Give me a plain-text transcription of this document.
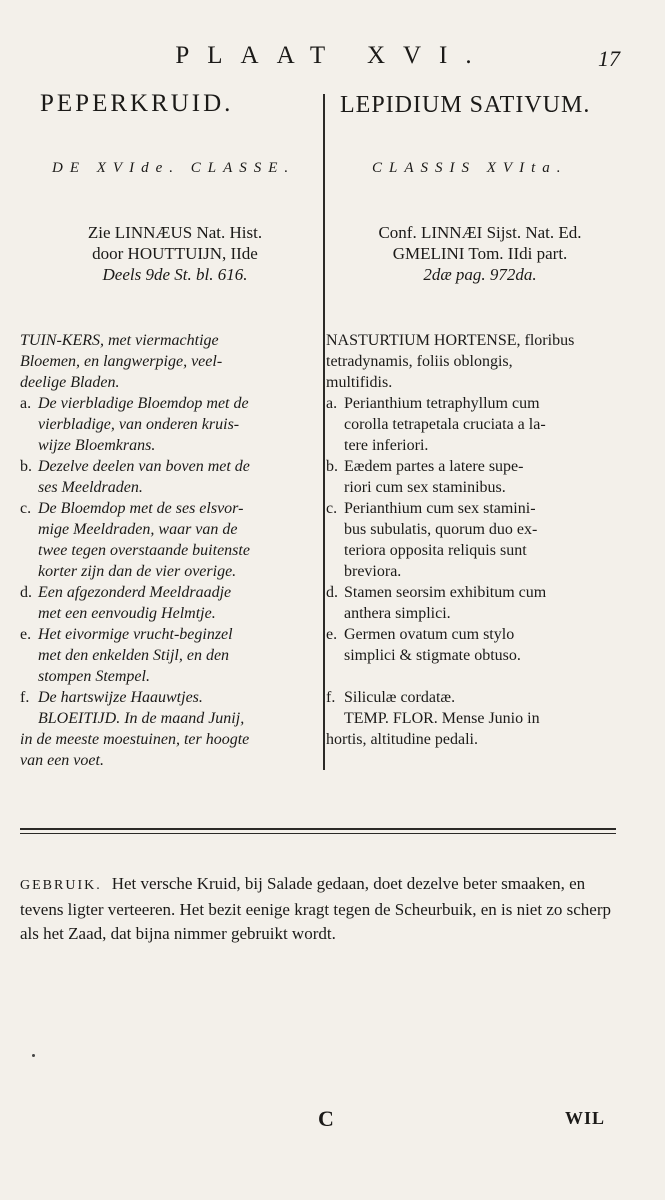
PLAAT XVI.	17
PEPERKRUID.	LEPIDIUM SATIVUM.
DE XVIde. CLASSE.	CLASSIS XVIta.
Zie LINNÆUS Nat. Hist.
door HOUTTUIJN, IIde
Deels 9de St. bl. 616.
Conf. LINNÆI Sijst. Nat. Ed.
GMELINI Tom. IIdi part.
2dæ pag. 972da.
TUIN-KERS, met viermachtige
Bloemen, en langwerpige, veel-
deelige Bladen.
a. De vierbladige Bloemdop met de
vierbladige, van onderen kruis-
wijze Bloemkrans.
b. Dezelve deelen van boven met de
ses Meeldraden.
c. De Bloemdop met de ses elsvor-
mige Meeldraden, waar van de
twee tegen overstaande buitenste
korter zijn dan de vier overige.
d. Een afgezonderd Meeldraadje
met een eenvoudig Helmtje.
e. Het eivormige vrucht-beginzel
met den enkelden Stijl, en den
stompen Stempel.
f. De hartswijze Haauwtjes.
BLOEITIJD. In de maand Junij,
in de meeste moestuinen, ter hoogte
van een voet.
NASTURTIUM HORTENSE, floribus
tetradynamis, foliis oblongis,
multifidis.
a. Perianthium tetraphyllum cum
corolla tetrapetala cruciata a la-
tere inferiori.
b. Eædem partes a latere supe-
riori cum sex staminibus.
c. Perianthium cum sex stamini-
bus subulatis, quorum duo ex-
teriora opposita reliquis sunt
breviora.
d. Stamen seorsim exhibitum cum
anthera simplici.
e. Germen ovatum cum stylo
simplici & stigmate obtuso.
f. Siliculæ cordatæ.
TEMP. FLOR. Mense Junio in
hortis, altitudine pedali.
GEBRUIK. Het versche Kruid, bij Salade gedaan, doet dezelve beter smaaken, en tevens ligter verteeren. Het bezit eenige kragt tegen de Scheurbuik, en is niet zo scherp als het Zaad, dat bijna nimmer gebruikt wordt.
C	WIL
